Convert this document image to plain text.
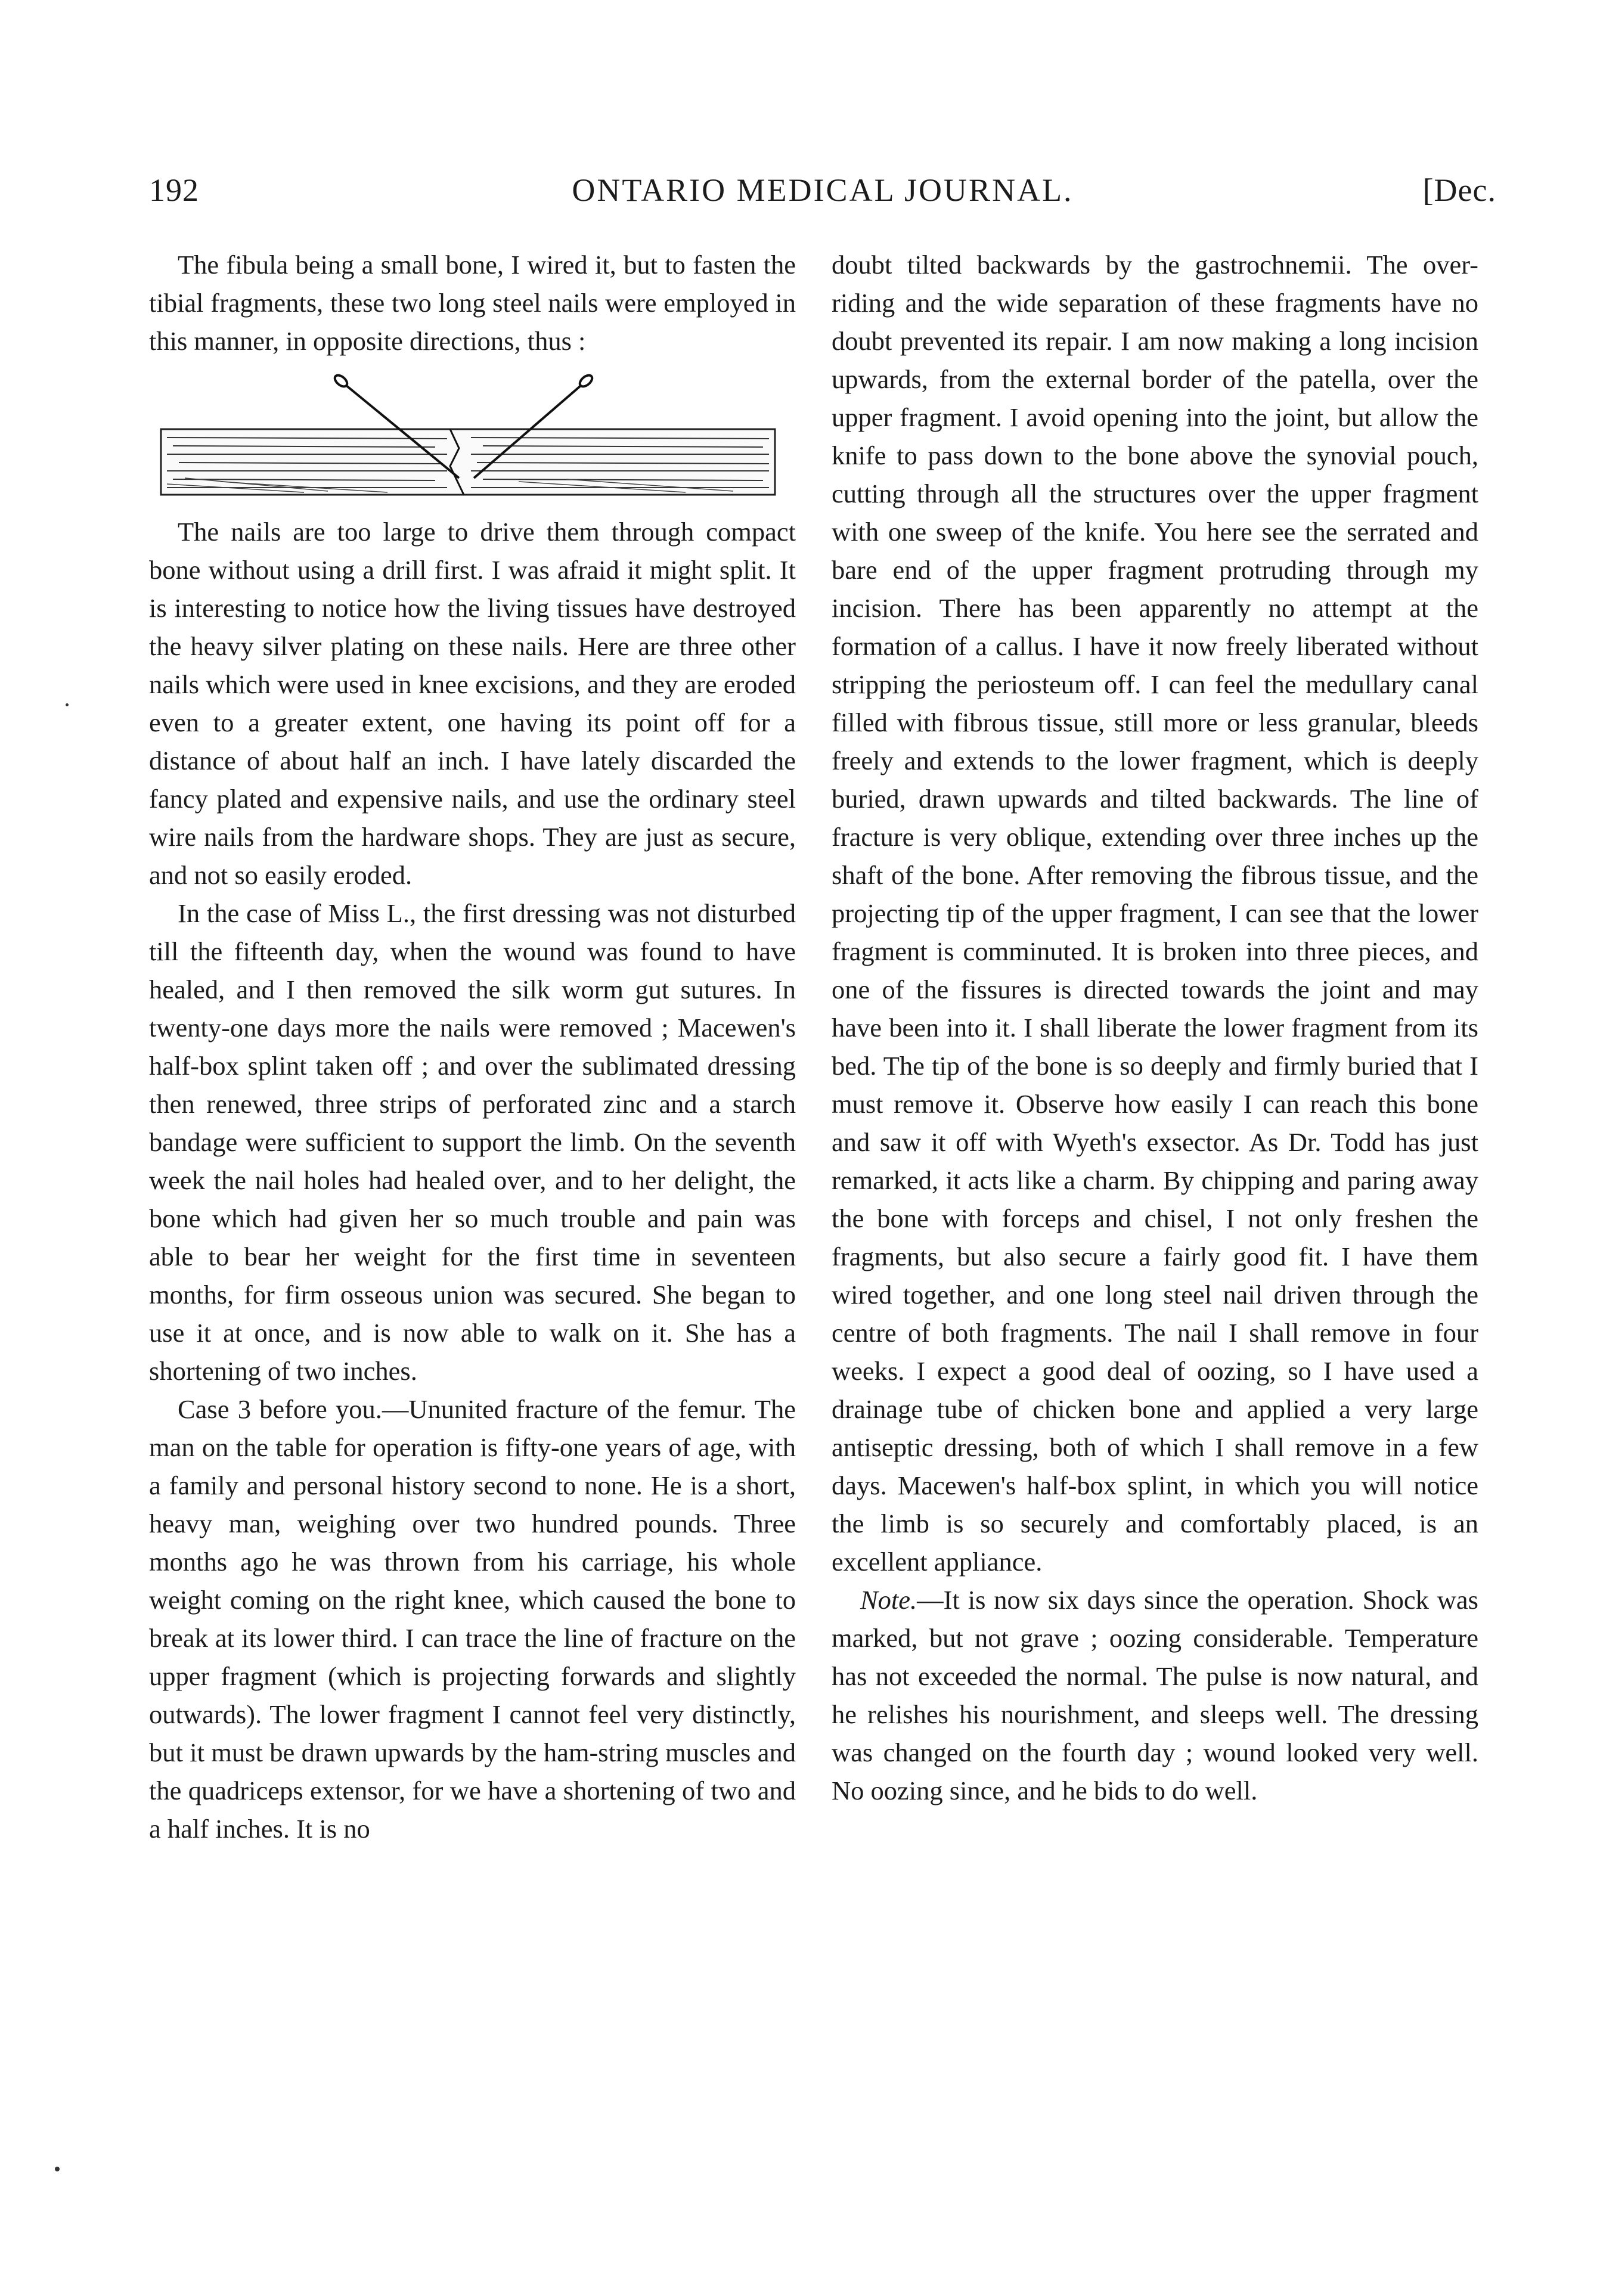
192	ONTARIO MEDICAL JOURNAL.	[Dec.

The fibula being a small bone, I wired it, but to fasten the tibial fragments, these two long steel nails were employed in this manner, in opposite directions, thus :

The nails are too large to drive them through compact bone without using a drill first. I was afraid it might split. It is interesting to notice how the living tissues have destroyed the heavy silver plating on these nails. Here are three other nails which were used in knee excisions, and they are eroded even to a greater extent, one having its point off for a distance of about half an inch. I have lately discarded the fancy plated and expensive nails, and use the ordinary steel wire nails from the hardware shops. They are just as secure, and not so easily eroded.

In the case of Miss L., the first dressing was not disturbed till the fifteenth day, when the wound was found to have healed, and I then removed the silk worm gut sutures. In twenty-one days more the nails were removed ; Macewen's half-box splint taken off ; and over the sublimated dressing then renewed, three strips of perforated zinc and a starch bandage were sufficient to support the limb. On the seventh week the nail holes had healed over, and to her delight, the bone which had given her so much trouble and pain was able to bear her weight for the first time in seventeen months, for firm osseous union was secured. She began to use it at once, and is now able to walk on it. She has a shortening of two inches.

Case 3 before you.—Ununited fracture of the femur. The man on the table for operation is fifty-one years of age, with a family and personal history second to none. He is a short, heavy man, weighing over two hundred pounds. Three months ago he was thrown from his carriage, his whole weight coming on the right knee, which caused the bone to break at its lower third. I can trace the line of fracture on the upper fragment (which is projecting forwards and slightly outwards). The lower fragment I cannot feel very distinctly, but it must be drawn upwards by the ham-string muscles and the quadriceps extensor, for we have a shortening of two and a half inches. It is no

doubt tilted backwards by the gastrochnemii. The over-riding and the wide separation of these fragments have no doubt prevented its repair. I am now making a long incision upwards, from the external border of the patella, over the upper fragment. I avoid opening into the joint, but allow the knife to pass down to the bone above the synovial pouch, cutting through all the structures over the upper fragment with one sweep of the knife. You here see the serrated and bare end of the upper fragment protruding through my incision. There has been apparently no attempt at the formation of a callus. I have it now freely liberated without stripping the periosteum off. I can feel the medullary canal filled with fibrous tissue, still more or less granular, bleeds freely and extends to the lower fragment, which is deeply buried, drawn upwards and tilted backwards. The line of fracture is very oblique, extending over three inches up the shaft of the bone. After removing the fibrous tissue, and the projecting tip of the upper fragment, I can see that the lower fragment is comminuted. It is broken into three pieces, and one of the fissures is directed towards the joint and may have been into it. I shall liberate the lower fragment from its bed. The tip of the bone is so deeply and firmly buried that I must remove it. Observe how easily I can reach this bone and saw it off with Wyeth's exsector. As Dr. Todd has just remarked, it acts like a charm. By chipping and paring away the bone with forceps and chisel, I not only freshen the fragments, but also secure a fairly good fit. I have them wired together, and one long steel nail driven through the centre of both fragments. The nail I shall remove in four weeks. I expect a good deal of oozing, so I have used a drainage tube of chicken bone and applied a very large antiseptic dressing, both of which I shall remove in a few days. Macewen's half-box splint, in which you will notice the limb is so securely and comfortably placed, is an excellent appliance.

Note.—It is now six days since the operation. Shock was marked, but not grave ; oozing considerable. Temperature has not exceeded the normal. The pulse is now natural, and he relishes his nourishment, and sleeps well. The dressing was changed on the fourth day ; wound looked very well. No oozing since, and he bids to do well.
